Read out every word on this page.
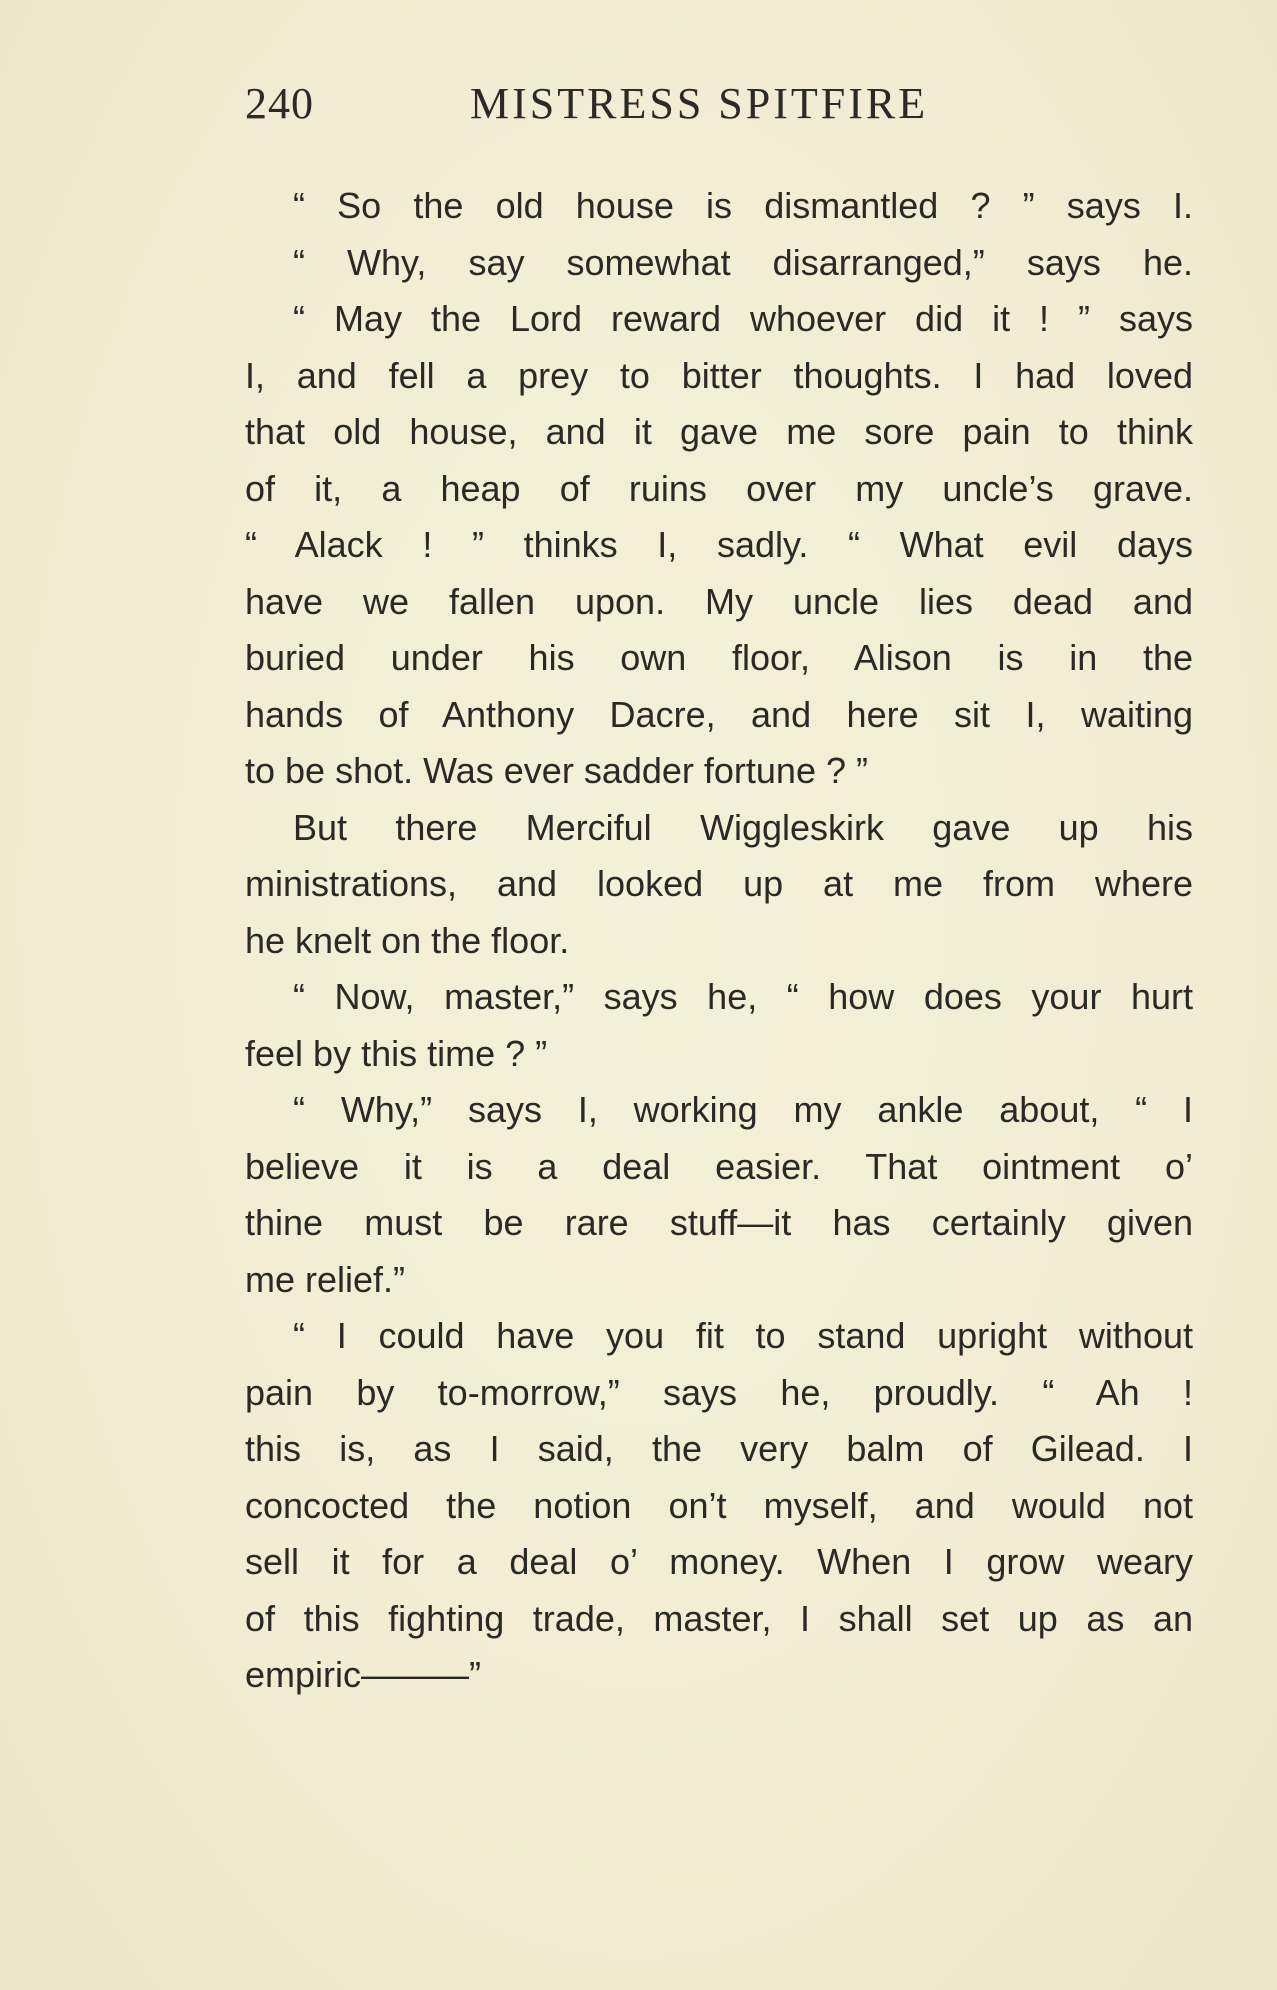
240	MISTRESS SPITFIRE
“ So the old house is dismantled ? ” says I.
“ Why, say somewhat disarranged,” says he.
“ May the Lord reward whoever did it ! ” says
I, and fell a prey to bitter thoughts. I had loved
that old house, and it gave me sore pain to think
of it, a heap of ruins over my uncle’s grave.
“ Alack ! ” thinks I, sadly. “ What evil days
have we fallen upon. My uncle lies dead and
buried under his own floor, Alison is in the
hands of Anthony Dacre, and here sit I, waiting
to be shot. Was ever sadder fortune ? ”
But there Merciful Wiggleskirk gave up his
ministrations, and looked up at me from where
he knelt on the floor.
“ Now, master,” says he, “ how does your hurt
feel by this time ? ”
“ Why,” says I, working my ankle about, “ I
believe it is a deal easier. That ointment o’
thine must be rare stuff—it has certainly given
me relief.”
“ I could have you fit to stand upright without
pain by to-morrow,” says he, proudly. “ Ah !
this is, as I said, the very balm of Gilead. I
concocted the notion on’t myself, and would not
sell it for a deal o’ money. When I grow weary
of this fighting trade, master, I shall set up as an
empiric———”
